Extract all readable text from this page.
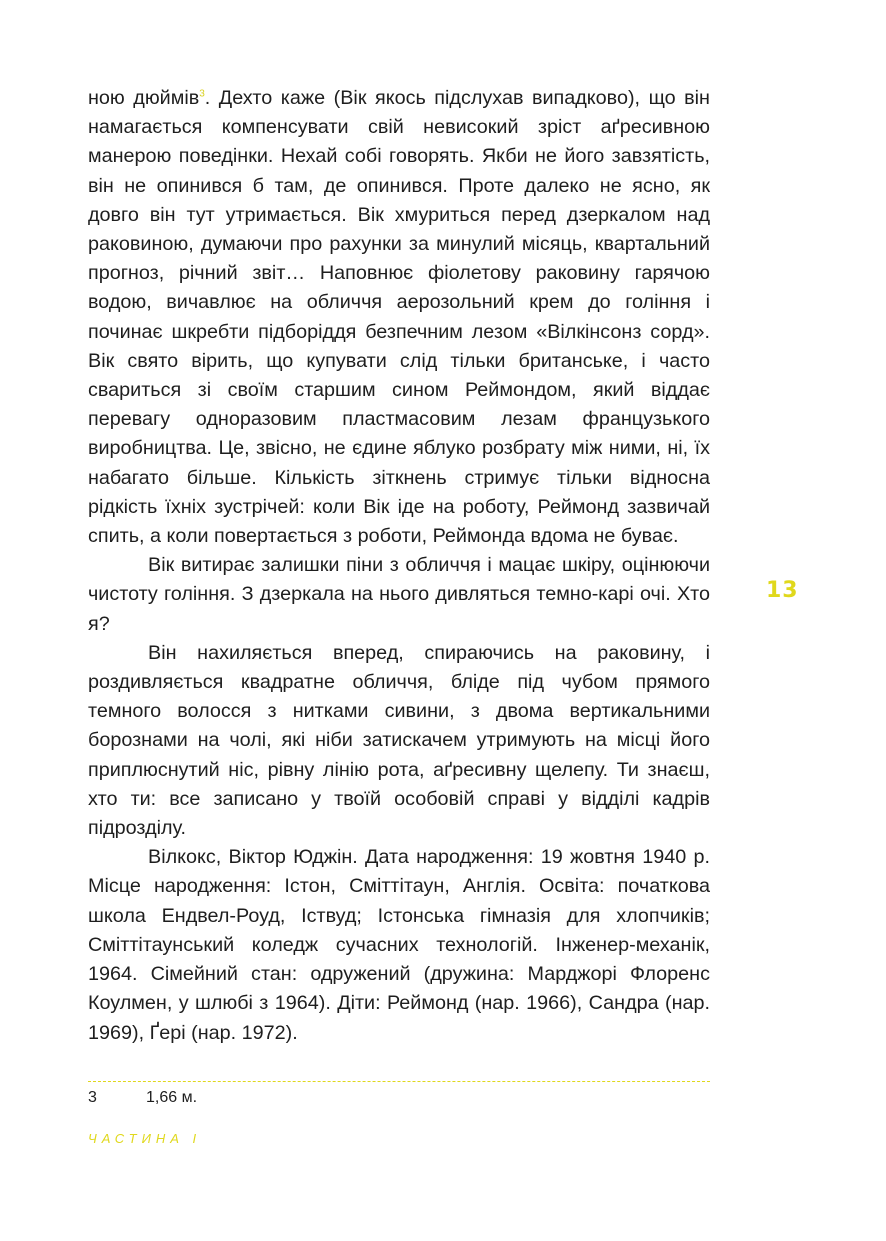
ною дюймів$^3$. Дехто каже (Вік якось підслухав випадково), що він намагається компенсувати свій невисокий зріст аґресивною манерою поведінки. Нехай собі говорять. Якби не його завзятість, він не опинився б там, де опинився. Проте далеко не ясно, як довго він тут утримається. Вік хмуриться перед дзеркалом над раковиною, думаючи про рахунки за минулий місяць, квартальний прогноз, річний звіт… Наповнює фіолетову раковину гарячою водою, вичавлює на обличчя аерозольний крем до гоління і починає шкребти підборіддя безпечним лезом «Вілкінсонз сорд». Вік свято вірить, що купувати слід тільки британське, і часто свариться зі своїм старшим сином Реймондом, який віддає перевагу одноразовим пластмасовим лезам французького виробництва. Це, звісно, не єдине яблуко розбрату між ними, ні, їх набагато більше. Кількість зіткнень стримує тільки відносна рідкість їхніх зустрічей: коли Вік іде на роботу, Реймонд зазвичай спить, а коли повертається з роботи, Реймонда вдома не буває.

Вік витирає залишки піни з обличчя і мацає шкіру, оцінюючи чистоту гоління. З дзеркала на нього дивляться темно-карі очі. Хто я?

Він нахиляється вперед, спираючись на раковину, і роздивляється квадратне обличчя, бліде під чубом прямого темного волосся з нитками сивини, з двома вертикальними борознами на чолі, які ніби затискачем утримують на місці його приплюснутий ніс, рівну лінію рота, аґресивну щелепу. Ти знаєш, хто ти: все записано у твоїй особовій справі у відділі кадрів підрозділу.

Вілкокс, Віктор Юджін. Дата народження: 19 жовтня 1940 р. Місце народження: Істон, Сміттітаун, Англія. Освіта: початкова школа Ендвел-Роуд, Іствуд; Істонська гімназія для хлопчиків; Сміттітаунський коледж сучасних технологій. Інженер-механік, 1964. Сімейний стан: одружений (дружина: Марджорі Флоренс Коулмен, у шлюбі з 1964). Діти: Реймонд (нар. 1966), Сандра (нар. 1969), Ґері (нар. 1972).

13
3	1,66 м.
ЧАСТИНА І
